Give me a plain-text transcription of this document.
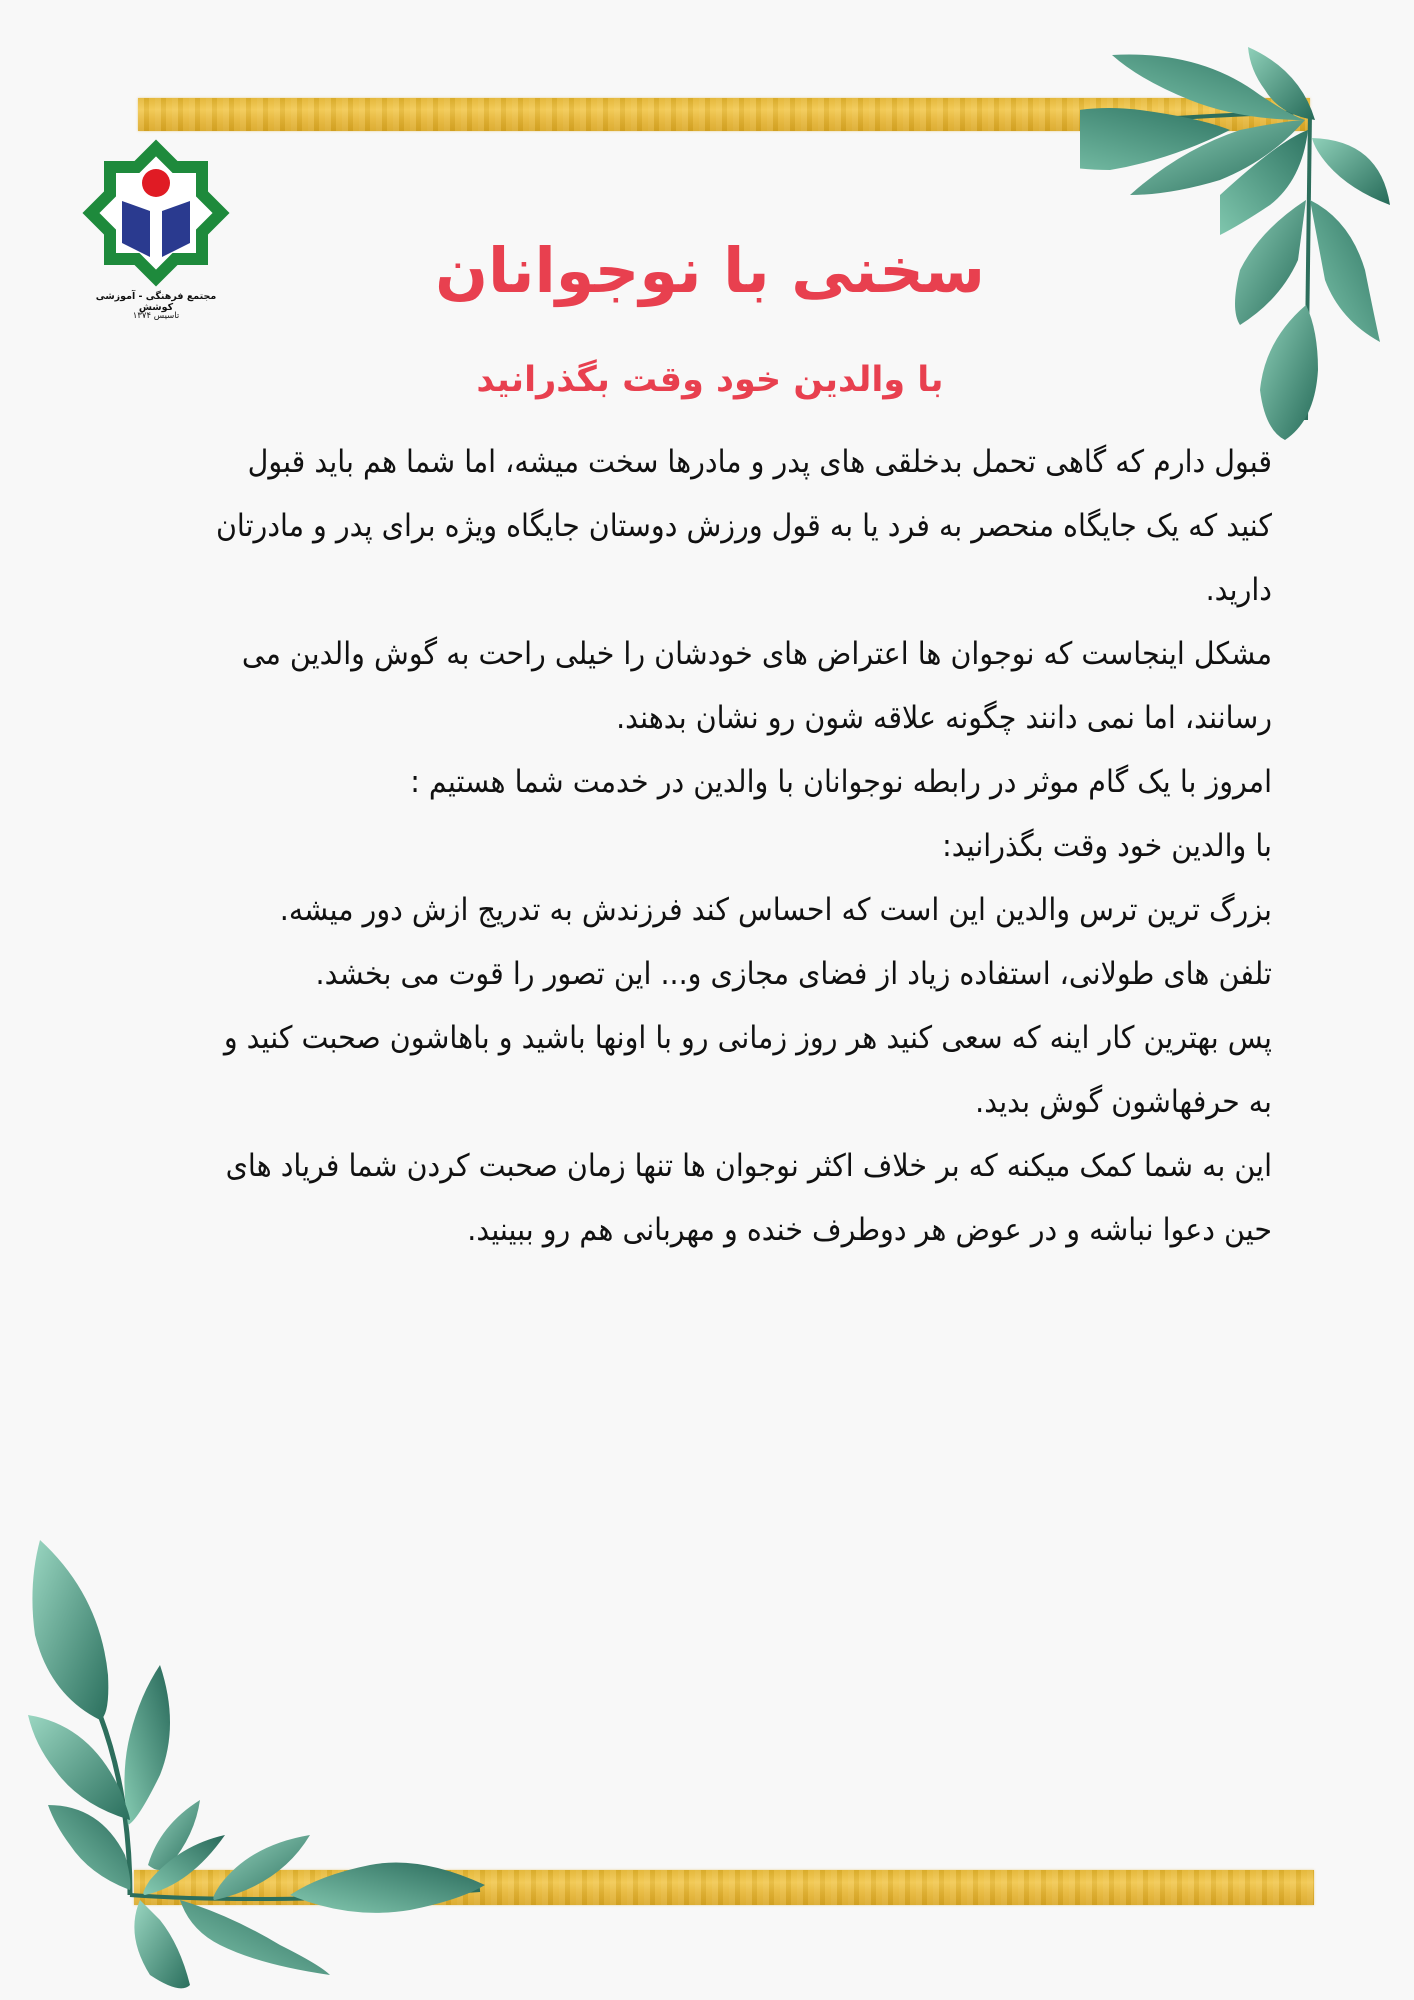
مجتمع فرهنگی - آموزشی کوشش
تاسیس ۱۳۷۴
سخنی با نوجوانان
با والدین خود وقت بگذرانید

قبول دارم که گاهی تحمل بدخلقی های پدر و مادرها سخت میشه، اما شما هم باید قبول کنید که یک جایگاه منحصر به فرد یا به قول ورزش دوستان جایگاه ویژه برای پدر و مادرتان دارید.

مشکل اینجاست که نوجوان ها اعتراض های خودشان را خیلی راحت به گوش والدین می رسانند، اما نمی دانند چگونه علاقه شون رو نشان بدهند.

امروز با یک گام موثر در رابطه نوجوانان با والدین در خدمت شما هستیم :

با والدین خود وقت بگذرانید:

بزرگ ترین ترس والدین این است که احساس کند فرزندش به تدریج ازش دور میشه.

تلفن های طولانی، استفاده زیاد از فضای مجازی و... این تصور را قوت می بخشد.

پس بهترین کار اینه که سعی کنید هر روز زمانی رو با اونها باشید و باهاشون صحبت کنید و به حرفهاشون گوش بدید.

این به شما کمک میکنه که بر خلاف اکثر نوجوان ها تنها زمان صحبت کردن شما فریاد های حین دعوا نباشه و در عوض هر دوطرف خنده و مهربانی هم رو ببینید.
